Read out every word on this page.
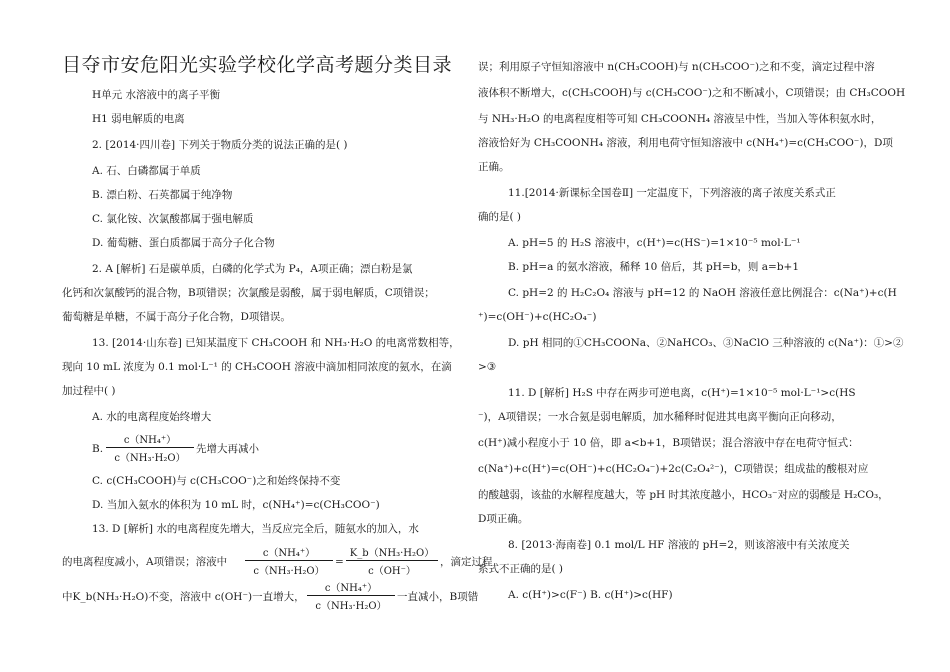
目夺市安危阳光实验学校化学高考题分类目录
H单元 水溶液中的离子平衡
H1 弱电解质的电离
2. [2014·四川卷] 下列关于物质分类的说法正确的是( )
A. 石、白磷都属于单质
B. 漂白粉、石英都属于纯净物
C. 氯化铵、次氯酸都属于强电解质
D. 葡萄糖、蛋白质都属于高分子化合物
2. A [解析] 石是碳单质，白磷的化学式为 P₄，A项正确；漂白粉是氯
化钙和次氯酸钙的混合物，B项错误；次氯酸是弱酸，属于弱电解质，C项错误；
葡萄糖是单糖，不属于高分子化合物，D项错误。
13. [2014·山东卷] 已知某温度下 CH₃COOH 和 NH₃·H₂O 的电离常数相等，
现向 10 mL 浓度为 0.1 mol·L⁻¹ 的 CH₃COOH 溶液中滴加相同浓度的氨水，在滴
加过程中( )
A. 水的电离程度始终增大
B.
c（NH₄⁺）
c（NH₃·H₂O）
先增大再减小
C. c(CH₃COOH)与 c(CH₃COO⁻)之和始终保持不变
D. 当加入氨水的体积为 10 mL 时，c(NH₄⁺)=c(CH₃COO⁻)
13. D [解析] 水的电离程度先增大，当反应完全后，随氨水的加入，水
的电离程度减小，A项错误；溶液中
c（NH₄⁺）
c（NH₃·H₂O）
=
K_b（NH₃·H₂O）
c（OH⁻）
，滴定过程
中K_b(NH₃·H₂O)不变，溶液中 c(OH⁻)一直增大，
c（NH₄⁺）
c（NH₃·H₂O）
一直减小，B项错
误；利用原子守恒知溶液中 n(CH₃COOH)与 n(CH₃COO⁻)之和不变，滴定过程中溶
液体积不断增大，c(CH₃COOH)与 c(CH₃COO⁻)之和不断减小，C项错误；由 CH₃COOH
与 NH₃·H₂O 的电离程度相等可知 CH₃COONH₄ 溶液呈中性，当加入等体积氨水时，
溶液恰好为 CH₃COONH₄ 溶液，利用电荷守恒知溶液中 c(NH₄⁺)=c(CH₃COO⁻)，D项
正确。
11.[2014·新课标全国卷Ⅱ] 一定温度下，下列溶液的离子浓度关系式正
确的是( )
A. pH=5 的 H₂S 溶液中，c(H⁺)=c(HS⁻)=1×10⁻⁵ mol·L⁻¹
B. pH=a 的氨水溶液，稀释 10 倍后，其 pH=b，则 a=b+1
C. pH=2 的 H₂C₂O₄ 溶液与 pH=12 的 NaOH 溶液任意比例混合：c(Na⁺)+c(H
⁺)=c(OH⁻)+c(HC₂O₄⁻)
D. pH 相同的①CH₃COONa、②NaHCO₃、③NaClO 三种溶液的 c(Na⁺)：①>②
>③
11. D [解析] H₂S 中存在两步可逆电离，c(H⁺)=1×10⁻⁵ mol·L⁻¹>c(HS
⁻)，A项错误；一水合氨是弱电解质，加水稀释时促进其电离平衡向正向移动，
c(H⁺)减小程度小于 10 倍，即 a<b+1，B项错误；混合溶液中存在电荷守恒式：
c(Na⁺)+c(H⁺)=c(OH⁻)+c(HC₂O₄⁻)+2c(C₂O₄²⁻)，C项错误；组成盐的酸根对应
的酸越弱，该盐的水解程度越大，等 pH 时其浓度越小，HCO₃⁻对应的弱酸是 H₂CO₃，
D项正确。
8. [2013·海南卷] 0.1 mol/L HF 溶液的 pH=2，则该溶液中有关浓度关
系式不正确的是( )
A. c(H⁺)>c(F⁻) B. c(H⁺)>c(HF)
